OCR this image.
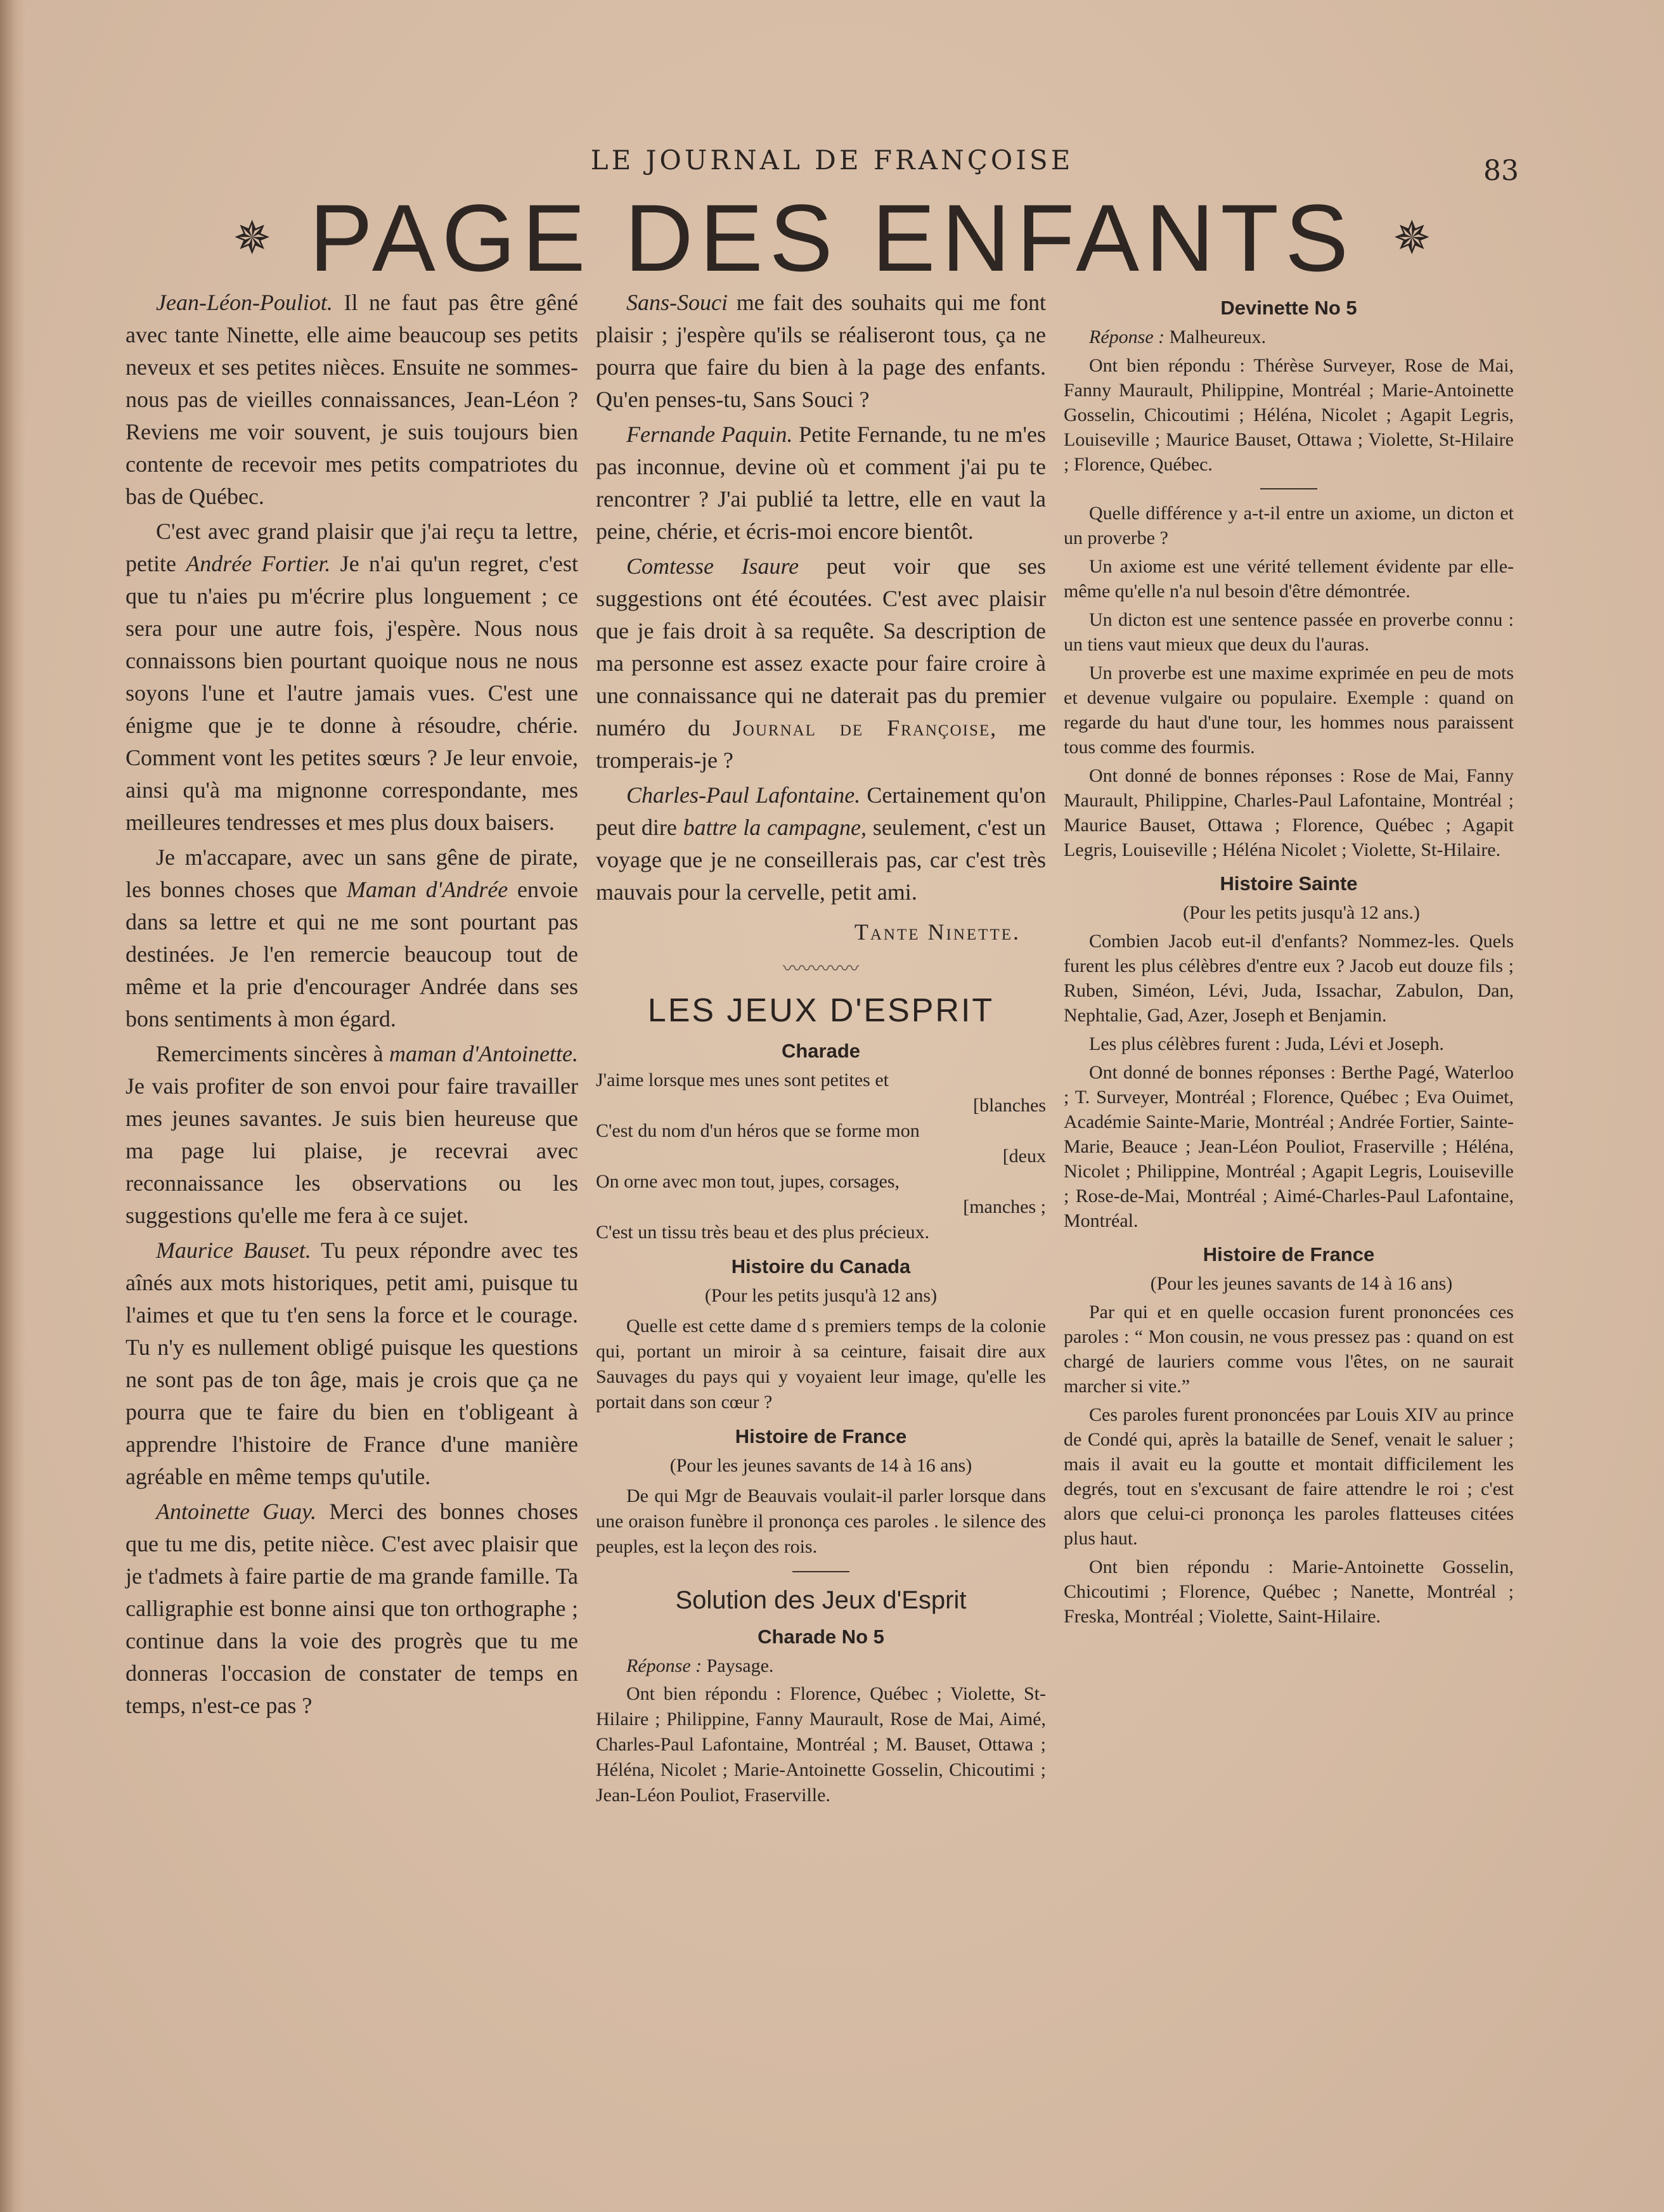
LE JOURNAL DE FRANÇOISE	83
✵ PAGE DES ENFANTS ✵

Jean-Léon-Pouliot. Il ne faut pas être gêné avec tante Ninette, elle aime beaucoup ses petits neveux et ses petites nièces. Ensuite ne sommes-nous pas de vieilles connaissances, Jean-Léon ? Reviens me voir souvent, je suis toujours bien contente de recevoir mes petits compatriotes du bas de Québec.

C'est avec grand plaisir que j'ai reçu ta lettre, petite Andrée Fortier. Je n'ai qu'un regret, c'est que tu n'aies pu m'écrire plus longuement ; ce sera pour une autre fois, j'espère. Nous nous connaissons bien pourtant quoique nous ne nous soyons l'une et l'autre jamais vues. C'est une énigme que je te donne à résoudre, chérie. Comment vont les petites sœurs ? Je leur envoie, ainsi qu'à ma mignonne correspondante, mes meilleures tendresses et mes plus doux baisers.

Je m'accapare, avec un sans gêne de pirate, les bonnes choses que Maman d'Andrée envoie dans sa lettre et qui ne me sont pourtant pas destinées. Je l'en remercie beaucoup tout de même et la prie d'encourager Andrée dans ses bons sentiments à mon égard.

Remerciments sincères à maman d'Antoinette. Je vais profiter de son envoi pour faire travailler mes jeunes savantes. Je suis bien heureuse que ma page lui plaise, je recevrai avec reconnaissance les observations ou les suggestions qu'elle me fera à ce sujet.

Maurice Bauset. Tu peux répondre avec tes aînés aux mots historiques, petit ami, puisque tu l'aimes et que tu t'en sens la force et le courage. Tu n'y es nullement obligé puisque les questions ne sont pas de ton âge, mais je crois que ça ne pourra que te faire du bien en t'obligeant à apprendre l'histoire de France d'une manière agréable en même temps qu'utile.

Antoinette Guay. Merci des bonnes choses que tu me dis, petite nièce. C'est avec plaisir que je t'admets à faire partie de ma grande famille. Ta calligraphie est bonne ainsi que ton orthographe ; continue dans la voie des progrès que tu me donneras l'occasion de constater de temps en temps, n'est-ce pas ?

Sans-Souci me fait des souhaits qui me font plaisir ; j'espère qu'ils se réaliseront tous, ça ne pourra que faire du bien à la page des enfants. Qu'en penses-tu, Sans Souci ?

Fernande Paquin. Petite Fernande, tu ne m'es pas inconnue, devine où et comment j'ai pu te rencontrer ? J'ai publié ta lettre, elle en vaut la peine, chérie, et écris-moi encore bientôt.

Comtesse Isaure peut voir que ses suggestions ont été écoutées. C'est avec plaisir que je fais droit à sa requête. Sa description de ma personne est assez exacte pour faire croire à une connaissance qui ne daterait pas du premier numéro du Journal de Françoise, me tromperais-je ?

Charles-Paul Lafontaine. Certainement qu'on peut dire battre la campagne, seulement, c'est un voyage que je ne conseillerais pas, car c'est très mauvais pour la cervelle, petit ami.

Tante Ninette.
〰〰〰〰
LES JEUX D'ESPRIT
Charade

J'aime lorsque mes unes sont petites et

[blanches

C'est du nom d'un héros que se forme mon

[deux

On orne avec mon tout, jupes, corsages,

[manches ;

C'est un tissu très beau et des plus précieux.

Histoire du Canada

(Pour les petits jusqu'à 12 ans)

Quelle est cette dame d s premiers temps de la colonie qui, portant un miroir à sa ceinture, faisait dire aux Sauvages du pays qui y voyaient leur image, qu'elle les portait dans son cœur ?

Histoire de France

(Pour les jeunes savants de 14 à 16 ans)

De qui Mgr de Beauvais voulait-il parler lorsque dans une oraison funèbre il prononça ces paroles . le silence des peuples, est la leçon des rois.

Solution des Jeux d'Esprit
Charade No 5

Réponse : Paysage.

Ont bien répondu : Florence, Québec ; Violette, St-Hilaire ; Philippine, Fanny Maurault, Rose de Mai, Aimé, Charles-Paul Lafontaine, Montréal ; M. Bauset, Ottawa ; Héléna, Nicolet ; Marie-Antoinette Gosselin, Chicoutimi ; Jean-Léon Pouliot, Fraserville.

Devinette No 5

Réponse : Malheureux.

Ont bien répondu : Thérèse Surveyer, Rose de Mai, Fanny Maurault, Philippine, Montréal ; Marie-Antoinette Gosselin, Chicoutimi ; Héléna, Nicolet ; Agapit Legris, Louiseville ; Maurice Bauset, Ottawa ; Violette, St-Hilaire ; Florence, Québec.

Quelle différence y a-t-il entre un axiome, un dicton et un proverbe ?

Un axiome est une vérité tellement évidente par elle-même qu'elle n'a nul besoin d'être démontrée.

Un dicton est une sentence passée en proverbe connu : un tiens vaut mieux que deux du l'auras.

Un proverbe est une maxime exprimée en peu de mots et devenue vulgaire ou populaire. Exemple : quand on regarde du haut d'une tour, les hommes nous paraissent tous comme des fourmis.

Ont donné de bonnes réponses : Rose de Mai, Fanny Maurault, Philippine, Charles-Paul Lafontaine, Montréal ; Maurice Bauset, Ottawa ; Florence, Québec ; Agapit Legris, Louiseville ; Héléna Nicolet ; Violette, St-Hilaire.

Histoire Sainte

(Pour les petits jusqu'à 12 ans.)

Combien Jacob eut-il d'enfants? Nommez-les. Quels furent les plus célèbres d'entre eux ? Jacob eut douze fils ; Ruben, Siméon, Lévi, Juda, Issachar, Zabulon, Dan, Nephtalie, Gad, Azer, Joseph et Benjamin.

Les plus célèbres furent : Juda, Lévi et Joseph.

Ont donné de bonnes réponses : Berthe Pagé, Waterloo ; T. Surveyer, Montréal ; Florence, Québec ; Eva Ouimet, Académie Sainte-Marie, Montréal ; Andrée Fortier, Sainte-Marie, Beauce ; Jean-Léon Pouliot, Fraserville ; Héléna, Nicolet ; Philippine, Montréal ; Agapit Legris, Louiseville ; Rose-de-Mai, Montréal ; Aimé-Charles-Paul Lafontaine, Montréal.

Histoire de France

(Pour les jeunes savants de 14 à 16 ans)

Par qui et en quelle occasion furent prononcées ces paroles : “ Mon cousin, ne vous pressez pas : quand on est chargé de lauriers comme vous l'êtes, on ne saurait marcher si vite.”

Ces paroles furent prononcées par Louis XIV au prince de Condé qui, après la bataille de Senef, venait le saluer ; mais il avait eu la goutte et montait difficilement les degrés, tout en s'excusant de faire attendre le roi ; c'est alors que celui-ci prononça les paroles flatteuses citées plus haut.

Ont bien répondu : Marie-Antoinette Gosselin, Chicoutimi ; Florence, Québec ; Nanette, Montréal ; Freska, Montréal ; Violette, Saint-Hilaire.
